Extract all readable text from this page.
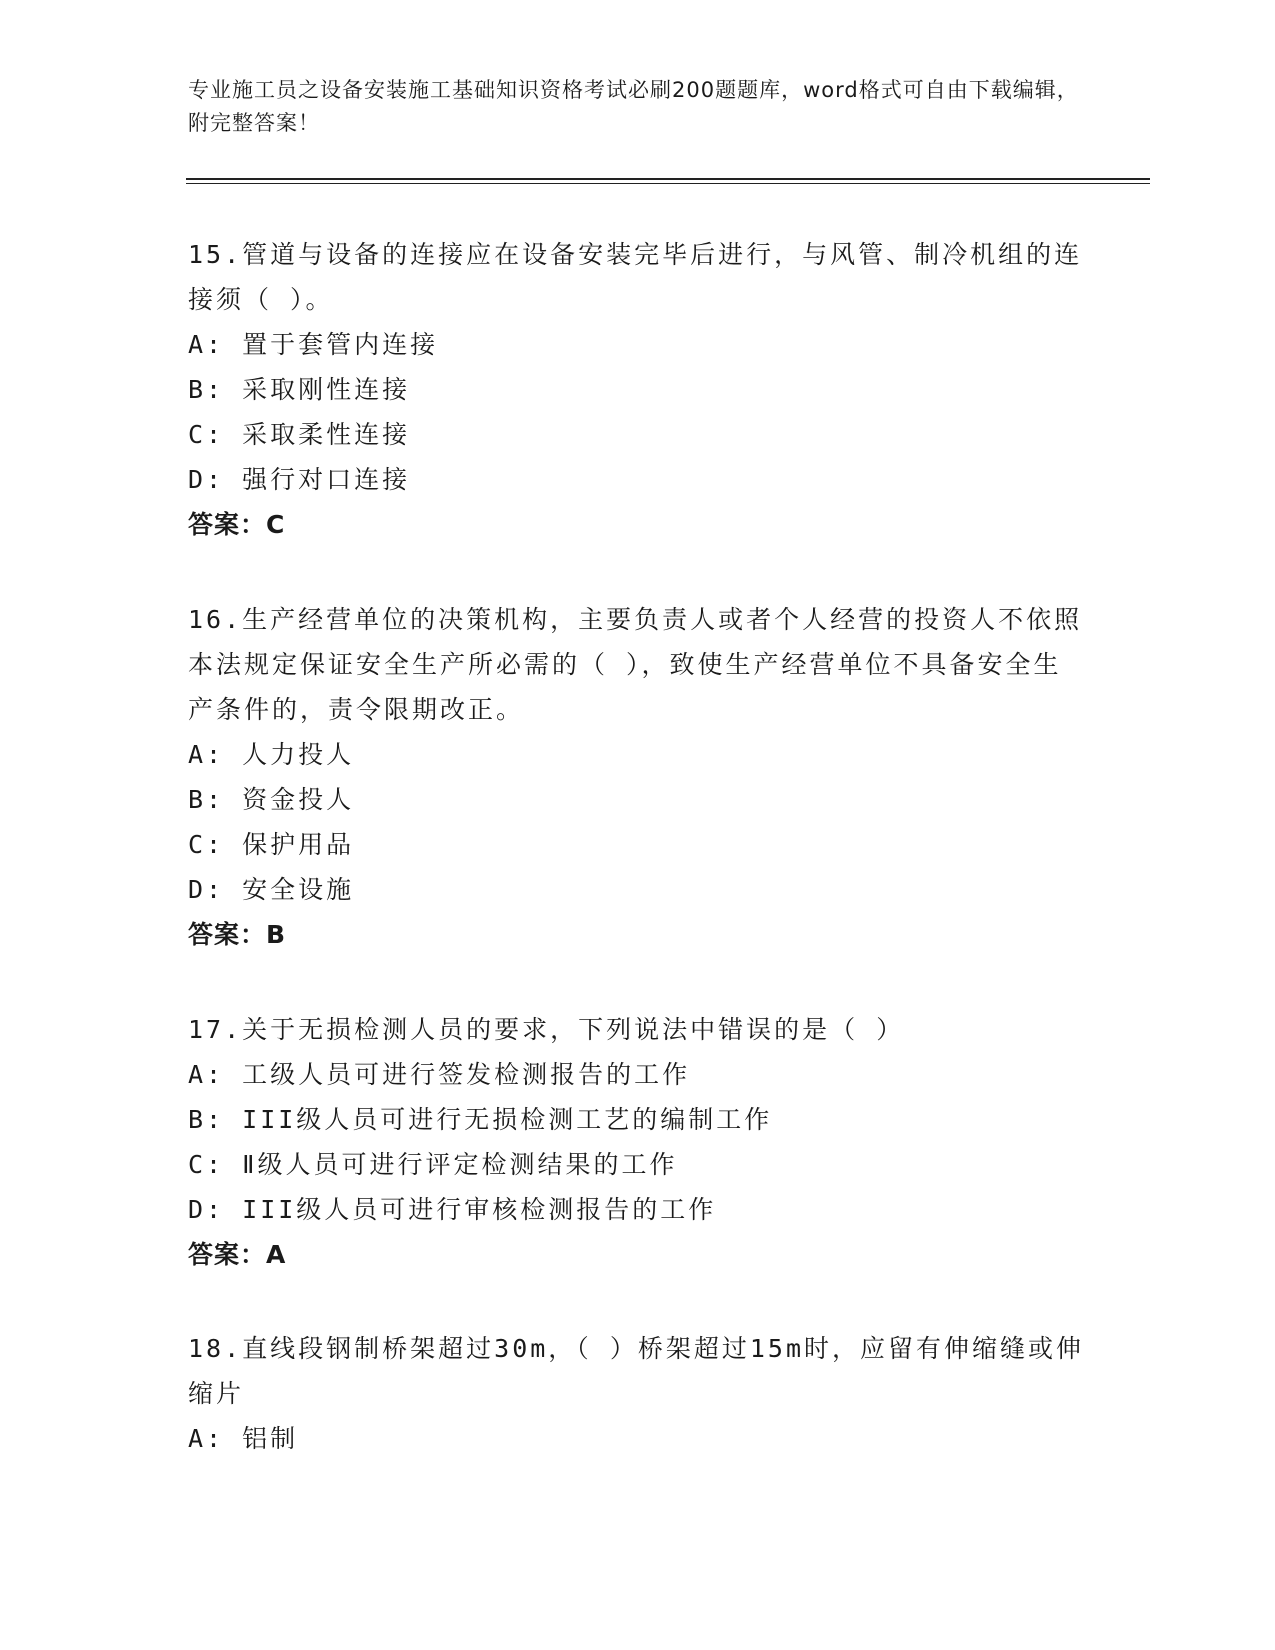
专业施工员之设备安装施工基础知识资格考试必刷200题题库，word格式可自由下载编辑，附完整答案！

15.管道与设备的连接应在设备安装完毕后进行，与风管、制冷机组的连接须（ ）。

A: 置于套管内连接

B: 采取刚性连接

C: 采取柔性连接

D: 强行对口连接

答案：C

16.生产经营单位的决策机构，主要负责人或者个人经营的投资人不依照本法规定保证安全生产所必需的（ ），致使生产经营单位不具备安全生产条件的，责令限期改正。

A: 人力投人

B: 资金投人

C: 保护用品

D: 安全设施

答案：B

17.关于无损检测人员的要求，下列说法中错误的是（ ）

A: 工级人员可进行签发检测报告的工作

B: III级人员可进行无损检测工艺的编制工作

C: Ⅱ级人员可进行评定检测结果的工作

D: III级人员可进行审核检测报告的工作

答案：A

18.直线段钢制桥架超过30m，（ ）桥架超过15m时，应留有伸缩缝或伸缩片

A: 铝制
